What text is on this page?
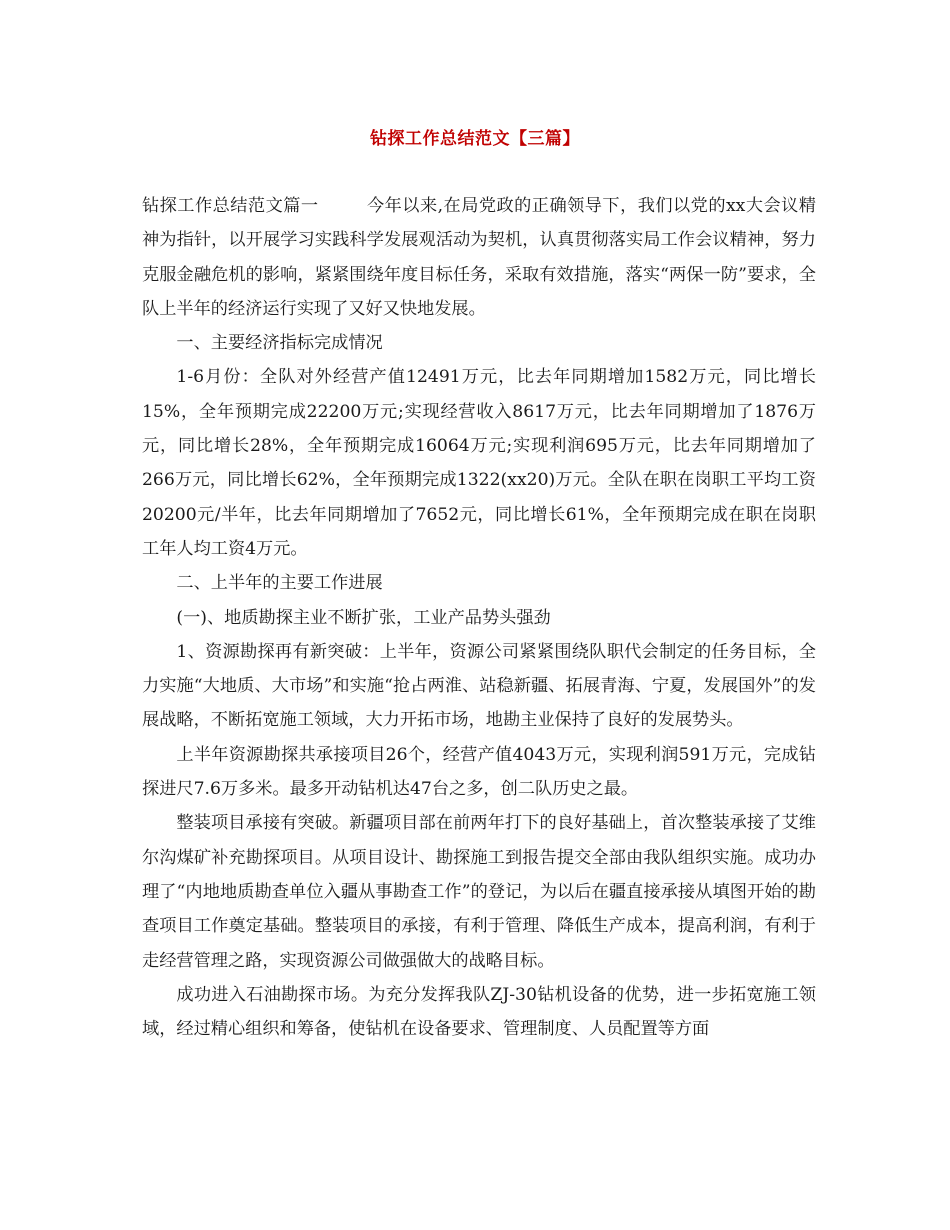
钻探工作总结范文【三篇】

钻探工作总结范文篇一	今年以来,在局党政的正确领导下，我们以党的xx大会议精神为指针，以开展学习实践科学发展观活动为契机，认真贯彻落实局工作会议精神，努力克服金融危机的影响，紧紧围绕年度目标任务，采取有效措施，落实“两保一防”要求，全队上半年的经济运行实现了又好又快地发展。

一、主要经济指标完成情况

1-6月份：全队对外经营产值12491万元，比去年同期增加1582万元，同比增长15%，全年预期完成22200万元;实现经营收入8617万元，比去年同期增加了1876万元，同比增长28%，全年预期完成16064万元;实现利润695万元，比去年同期增加了266万元，同比增长62%，全年预期完成1322(xx20)万元。全队在职在岗职工平均工资20200元/半年，比去年同期增加了7652元，同比增长61%，全年预期完成在职在岗职工年人均工资4万元。

二、上半年的主要工作进展

(一)、地质勘探主业不断扩张，工业产品势头强劲

1、资源勘探再有新突破：上半年，资源公司紧紧围绕队职代会制定的任务目标，全力实施“大地质、大市场”和实施“抢占两淮、站稳新疆、拓展青海、宁夏，发展国外”的发展战略，不断拓宽施工领域，大力开拓市场，地勘主业保持了良好的发展势头。

上半年资源勘探共承接项目26个，经营产值4043万元，实现利润591万元，完成钻探进尺7.6万多米。最多开动钻机达47台之多，创二队历史之最。

整装项目承接有突破。新疆项目部在前两年打下的良好基础上，首次整装承接了艾维尔沟煤矿补充勘探项目。从项目设计、勘探施工到报告提交全部由我队组织实施。成功办理了“内地地质勘查单位入疆从事勘查工作”的登记，为以后在疆直接承接从填图开始的勘查项目工作奠定基础。整装项目的承接，有利于管理、降低生产成本，提高利润，有利于走经营管理之路，实现资源公司做强做大的战略目标。

成功进入石油勘探市场。为充分发挥我队ZJ-30钻机设备的优势，进一步拓宽施工领域，经过精心组织和筹备，使钻机在设备要求、管理制度、人员配置等方面
